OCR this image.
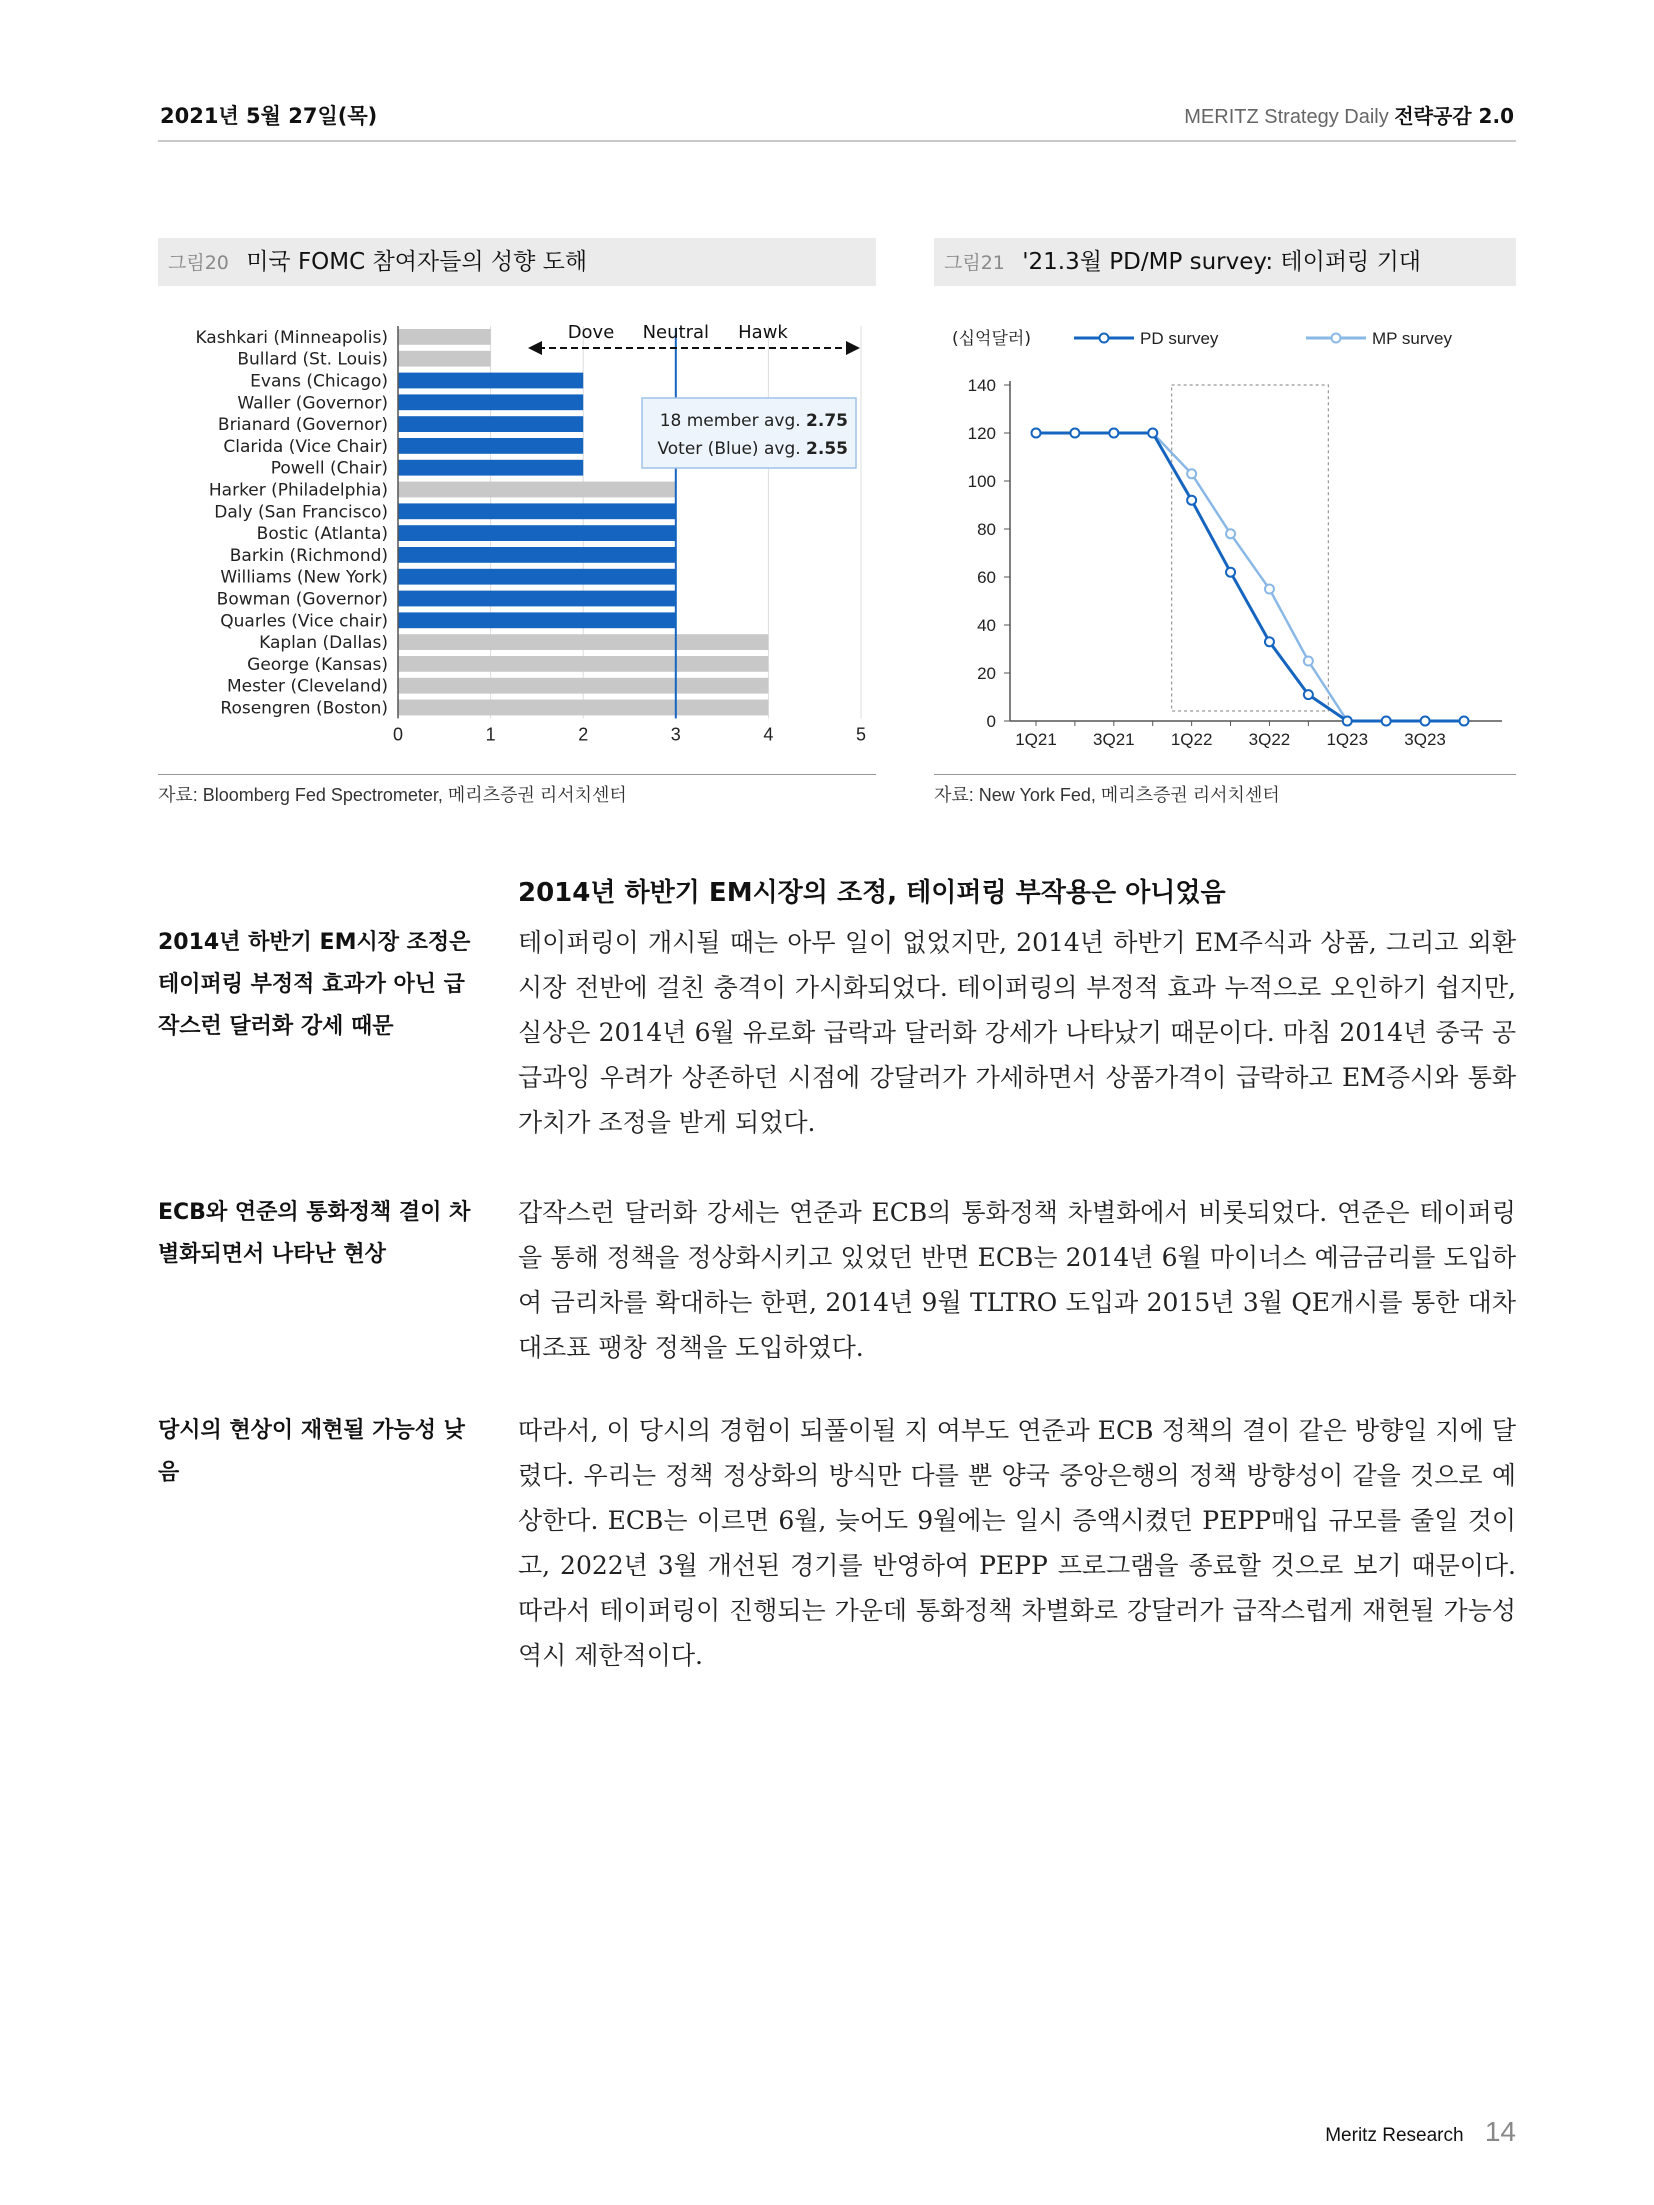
2021년 5월 27일(목)	MERITZ Strategy Daily 전략공감 2.0
그림20 미국 FOMC 참여자들의 성향 도해	그림21 '21.3월 PD/MP survey: 테이퍼링 기대
0	1	2	3	4	5
Kashkari (Minneapolis)
Bullard (St. Louis)
Evans (Chicago)
Waller (Governor)
Brianard (Governor)
Clarida (Vice Chair)
Powell (Chair)
Harker (Philadelphia)
Daly (San Francisco)
Bostic (Atlanta)
Barkin (Richmond)
Williams (New York)
Bowman (Governor)
Quarles (Vice chair)
Kaplan (Dallas)
George (Kansas)
Mester (Cleveland)
Rosengren (Boston)
Dove Neutral Hawk
18 member avg. 2.75
Voter (Blue) avg. 2.55
(십억달러)	PD survey	MP survey
0
20
40
60
80
100
120
140
1Q21 3Q21 1Q22 3Q22 1Q23 3Q23
자료: Bloomberg Fed Spectrometer, 메리츠증권 리서치센터	자료: New York Fed, 메리츠증권 리서치센터
2014년 하반기 EM시장의 조정, 테이퍼링 부작용은 아니었음
2014년 하반기 EM시장 조정은 테이퍼링 부정적 효과가 아닌 급작스런 달러화 강세 때문
테이퍼링이 개시될 때는 아무 일이 없었지만, 2014년 하반기 EM주식과 상품, 그리고 외환시장 전반에 걸친 충격이 가시화되었다. 테이퍼링의 부정적 효과 누적으로 오인하기 쉽지만, 실상은 2014년 6월 유로화 급락과 달러화 강세가 나타났기 때문이다. 마침 2014년 중국 공급과잉 우려가 상존하던 시점에 강달러가 가세하면서 상품가격이 급락하고 EM증시와 통화가치가 조정을 받게 되었다.
ECB와 연준의 통화정책 결이 차별화되면서 나타난 현상
갑작스런 달러화 강세는 연준과 ECB의 통화정책 차별화에서 비롯되었다. 연준은 테이퍼링을 통해 정책을 정상화시키고 있었던 반면 ECB는 2014년 6월 마이너스 예금금리를 도입하여 금리차를 확대하는 한편, 2014년 9월 TLTRO 도입과 2015년 3월 QE개시를 통한 대차대조표 팽창 정책을 도입하였다.
당시의 현상이 재현될 가능성 낮음
따라서, 이 당시의 경험이 되풀이될 지 여부도 연준과 ECB 정책의 결이 같은 방향일 지에 달렸다. 우리는 정책 정상화의 방식만 다를 뿐 양국 중앙은행의 정책 방향성이 같을 것으로 예상한다. ECB는 이르면 6월, 늦어도 9월에는 일시 증액시켰던 PEPP매입 규모를 줄일 것이고, 2022년 3월 개선된 경기를 반영하여 PEPP 프로그램을 종료할 것으로 보기 때문이다. 따라서 테이퍼링이 진행되는 가운데 통화정책 차별화로 강달러가 급작스럽게 재현될 가능성 역시 제한적이다.
Meritz Research 14
